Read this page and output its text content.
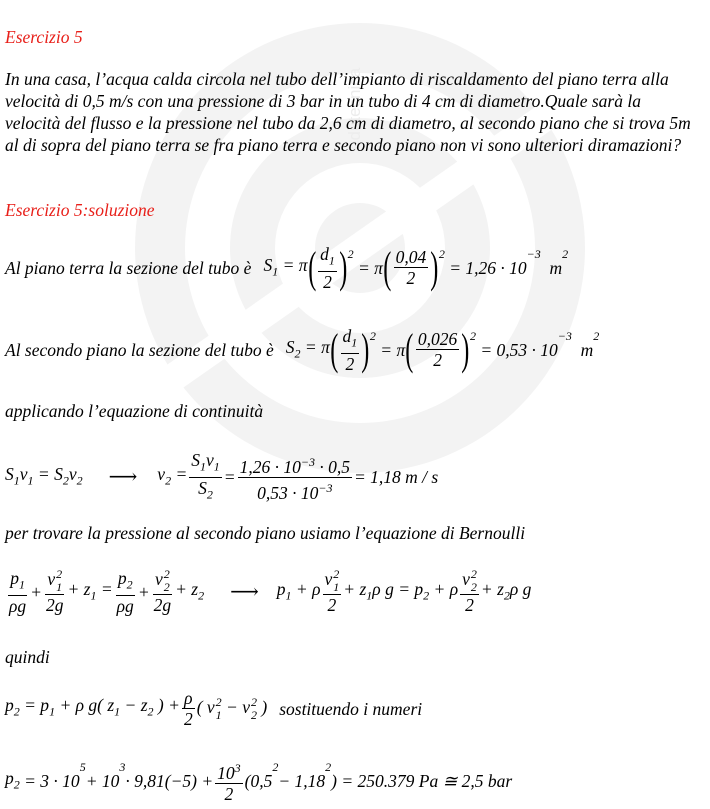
edutecnica
Esercizio 5
In una casa, l’acqua calda circola nel tubo dell’impianto di riscaldamento del piano terra alla velocità di 0,5 m/s con una pressione di 3 bar in un tubo di 4 cm di diametro.Quale sarà la velocità del flusso e la pressione nel tubo da 2,6 cm di diametro, al secondo piano che si trova 5m al di sopra del piano terra se fra piano terra e secondo piano non vi sono ulteriori diramazioni?
Esercizio 5:soluzione
Al piano terra la sezione del tubo è $S_1 = \pi$ ( $\frac{d_1}{2}$ ) 2
= π ( $\frac{0,04}{2}$ ) 2

= 1,26 · 10
−3

m
2
Al secondo piano la sezione del tubo è $S_2 = \pi$ ( $\frac{d_1}{2}$ ) 2
= π ( $\frac{0,026}{2}$ ) 2

= 0,53 · 10
−3

m
2
applicando l’equazione di continuità
$S_1v_1 = S_2v_2$ ⟶ $v_2 = \frac{S_1v_1}{S_2} = \frac{1,26 \cdot 10^{-3} \cdot 0,5}{0,53 \cdot 10^{-3}} = 1,18$ m / s
per trovare la pressione al secondo piano usiamo l’equazione di Bernoulli
$\frac{p_1}{\rho g} + v$ 2
1
$2g + z_1 = \frac{p_2}{\rho g} + v$ 2
2
$2g + z_2$ ⟶ $p_1 + \rho$ v 2
1
$2 + z_1\rho$ $g = p_2 + \rho$ v 2
2
$2 + z_2\rho$ g
quindi
$p_2 = p_1 + \rho$ g( $z_1 - z_2$ ) + $\frac{\rho}{2}$ ( v 2
1 − v 2
2 ) sostituendo i numeri
$p_2 = 3 \cdot 10$
5
+ 10
3
· $9,81(-5) + \frac{10^3}{2} (0,5$
2
− 1,18
2
) = 250.379 Pa ≅ 2,5 bar
